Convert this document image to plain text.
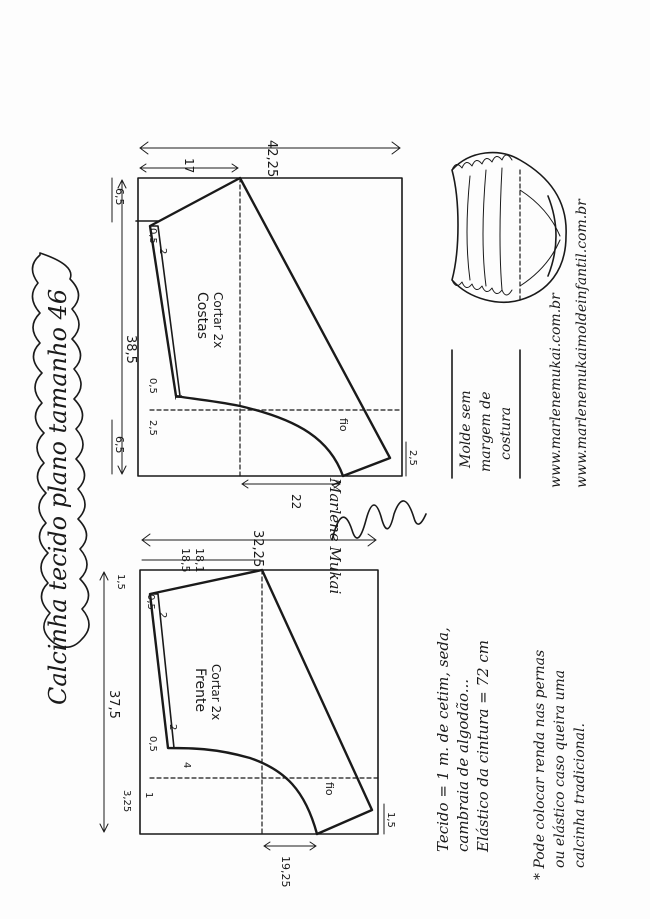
Calcinha tecido plano tamanho 46
42,25
17
38,5
6,5
6,5
0,5
2
0,5
1
2,5
Costas Cortar 2x
fio
22
2,5
32,25
18,5 18,1
37,5
1,5
0,5
2
0,5
2
4
3,25 1
Frente Cortar 2x
fio
19,25
1,5
Marlene Mukai
Tecido = 1 m. de cetim, seda, cambraia de algodão... Elástico da cintura = 72 cm	* Pode colocar renda nas pernas ou elástico caso queira uma calcinha tradicional.
Molde sem margem de costura www.marlenemukai.com.br www.marlenemukaimoldeinfantil.com.br
